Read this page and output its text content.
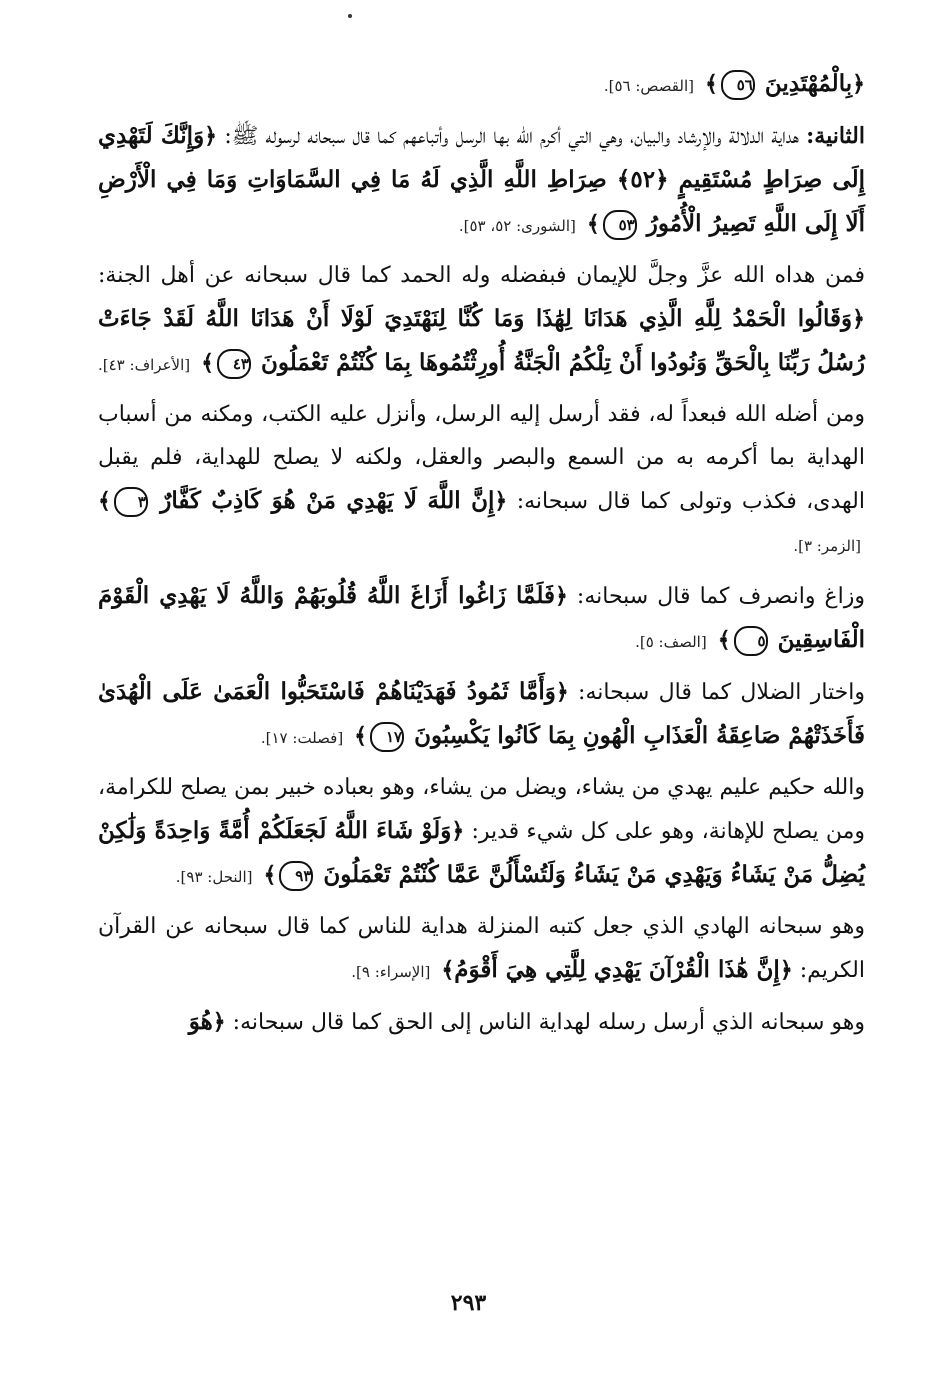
﴿بِالْمُهْتَدِينَ ٥٦﴾ [القصص: ٥٦].

الثانية: هداية الدلالة والإرشاد والبيان، وهي التي أكرم الله بها الرسل وأتباعهم كما قال سبحانه لرسوله ﷺ: ﴿وَإِنَّكَ لَتَهْدِي إِلَى صِرَاطٍ مُسْتَقِيمٍ ﴿٥٢﴾ صِرَاطِ اللَّهِ الَّذِي لَهُ مَا فِي السَّمَاوَاتِ وَمَا فِي الْأَرْضِ أَلَا إِلَى اللَّهِ تَصِيرُ الْأُمُورُ ٥٣﴾ [الشورى: ٥٢، ٥٣].

فمن هداه الله عزَّ وجلَّ للإيمان فبفضله وله الحمد كما قال سبحانه عن أهل الجنة: ﴿وَقَالُوا الْحَمْدُ لِلَّهِ الَّذِي هَدَانَا لِهَٰذَا وَمَا كُنَّا لِنَهْتَدِيَ لَوْلَا أَنْ هَدَانَا اللَّهُ لَقَدْ جَاءَتْ رُسُلُ رَبِّنَا بِالْحَقِّ وَنُودُوا أَنْ تِلْكُمُ الْجَنَّةُ أُورِثْتُمُوهَا بِمَا كُنْتُمْ تَعْمَلُونَ ٤٣﴾ [الأعراف: ٤٣].

ومن أضله الله فبعداً له، فقد أرسل إليه الرسل، وأنزل عليه الكتب، ومكنه من أسباب الهداية بما أكرمه به من السمع والبصر والعقل، ولكنه لا يصلح للهداية، فلم يقبل الهدى، فكذب وتولى كما قال سبحانه: ﴿إِنَّ اللَّهَ لَا يَهْدِي مَنْ هُوَ كَاذِبٌ كَفَّارٌ ٣﴾ [الزمر: ٣].

وزاغ وانصرف كما قال سبحانه: ﴿فَلَمَّا زَاغُوا أَزَاغَ اللَّهُ قُلُوبَهُمْ وَاللَّهُ لَا يَهْدِي الْقَوْمَ الْفَاسِقِينَ ٥﴾ [الصف: ٥].

واختار الضلال كما قال سبحانه: ﴿وَأَمَّا ثَمُودُ فَهَدَيْنَاهُمْ فَاسْتَحَبُّوا الْعَمَىٰ عَلَى الْهُدَىٰ فَأَخَذَتْهُمْ صَاعِقَةُ الْعَذَابِ الْهُونِ بِمَا كَانُوا يَكْسِبُونَ ١٧﴾ [فصلت: ١٧].

والله حكيم عليم يهدي من يشاء، ويضل من يشاء، وهو بعباده خبير بمن يصلح للكرامة، ومن يصلح للإهانة، وهو على كل شيء قدير: ﴿وَلَوْ شَاءَ اللَّهُ لَجَعَلَكُمْ أُمَّةً وَاحِدَةً وَلَٰكِنْ يُضِلُّ مَنْ يَشَاءُ وَيَهْدِي مَنْ يَشَاءُ وَلَتُسْأَلُنَّ عَمَّا كُنْتُمْ تَعْمَلُونَ ٩٣﴾ [النحل: ٩٣].

وهو سبحانه الهادي الذي جعل كتبه المنزلة هداية للناس كما قال سبحانه عن القرآن الكريم: ﴿إِنَّ هَٰذَا الْقُرْآنَ يَهْدِي لِلَّتِي هِيَ أَقْوَمُ﴾ [الإسراء: ٩].

وهو سبحانه الذي أرسل رسله لهداية الناس إلى الحق كما قال سبحانه: ﴿هُوَ

٢٩٣
